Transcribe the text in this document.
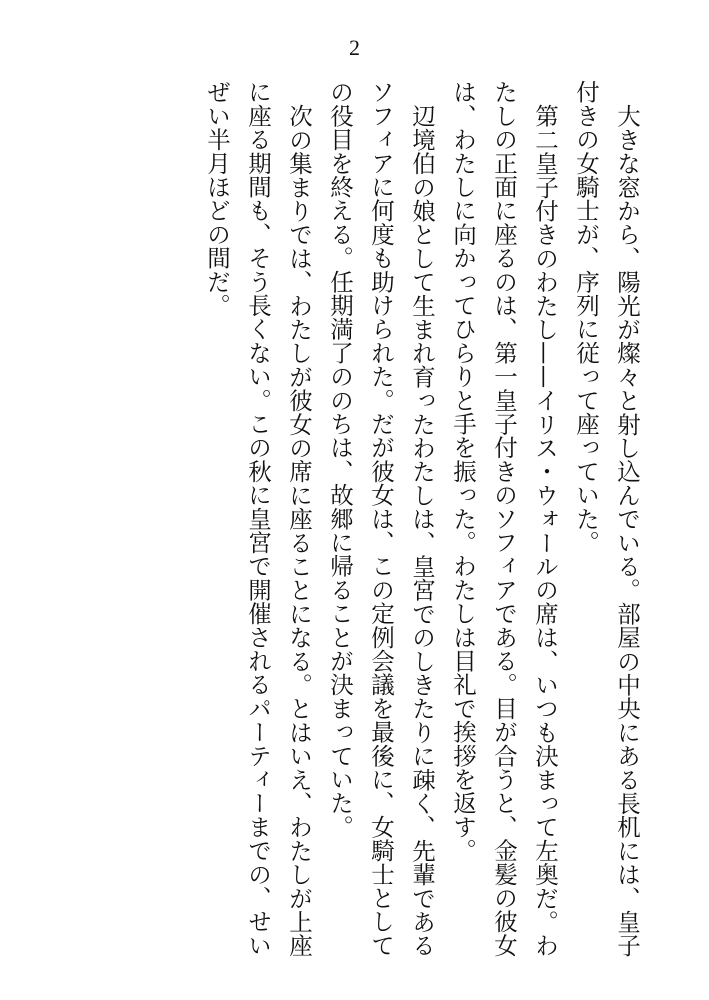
2

大きな窓から、陽光が燦々と射し込んでいる。部屋の中央にある長机には、皇子付きの女騎士が、序列に従って座っていた。

第二皇子付きのわたし——イリス・ウォールの席は、いつも決まって左奥だ。わたしの正面に座るのは、第一皇子付きのソフィアである。目が合うと、金髪の彼女は、わたしに向かってひらりと手を振った。わたしは目礼で挨拶を返す。

辺境伯の娘として生まれ育ったわたしは、皇宮でのしきたりに疎く、先輩であるソフィアに何度も助けられた。だが彼女は、この定例会議を最後に、女騎士としての役目を終える。任期満了ののちは、故郷に帰ることが決まっていた。

次の集まりでは、わたしが彼女の席に座ることになる。とはいえ、わたしが上座に座る期間も、そう長くない。この秋に皇宮で開催されるパーティーまでの、せいぜい半月ほどの間だ。
